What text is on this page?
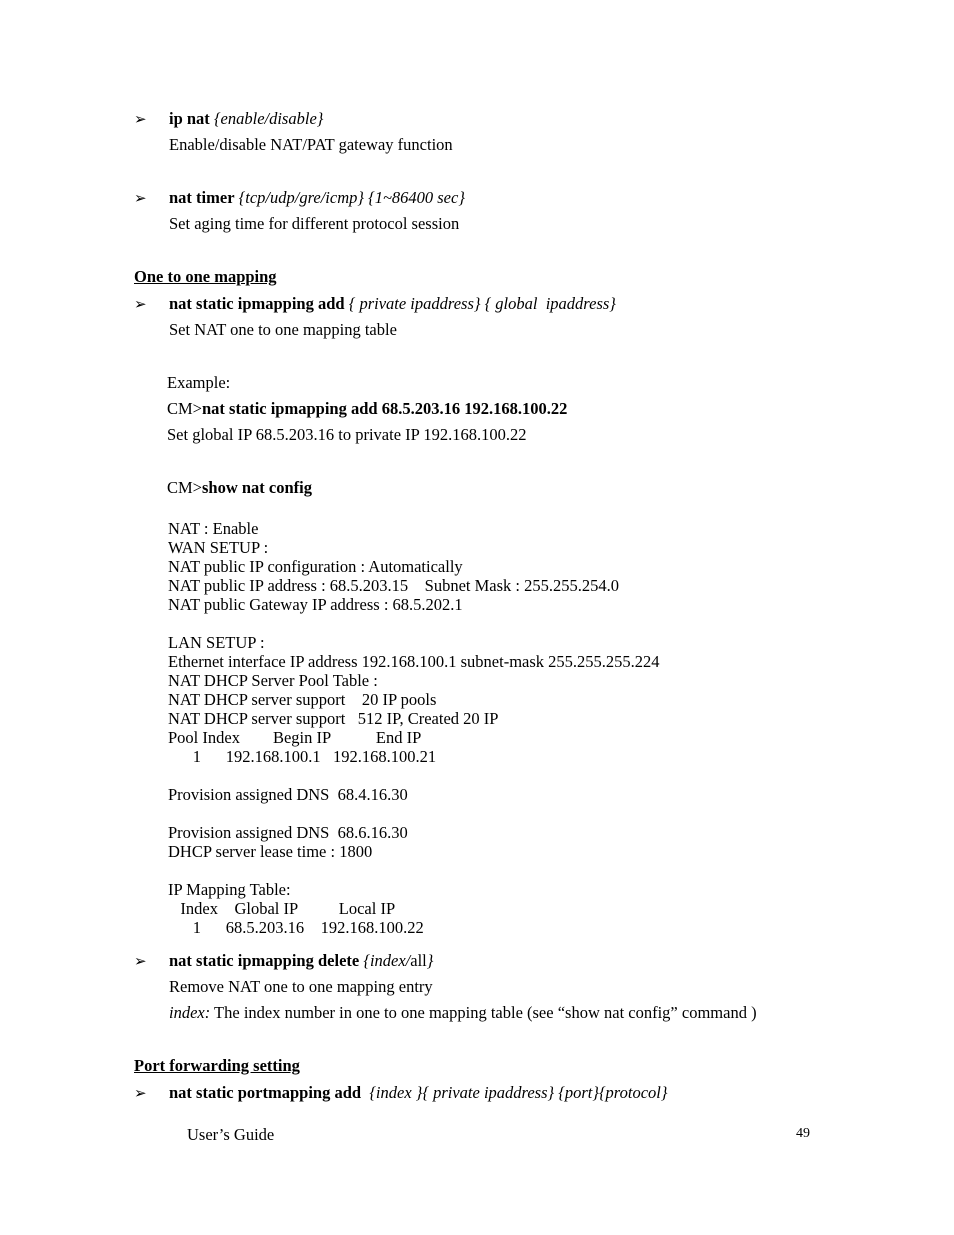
➢ ip nat {enable/disable}
Enable/disable NAT/PAT gateway function
➢ nat timer {tcp/udp/gre/icmp} {1~86400 sec}
Set aging time for different protocol session
One to one mapping
➢ nat static ipmapping add { private ipaddress} { global  ipaddress}
Set NAT one to one mapping table
Example:
CM>nat static ipmapping add 68.5.203.16 192.168.100.22
Set global IP 68.5.203.16 to private IP 192.168.100.22
CM>show nat config

NAT : Enable
WAN SETUP :
NAT public IP configuration : Automatically
NAT public IP address : 68.5.203.15    Subnet Mask : 255.255.254.0
NAT public Gateway IP address : 68.5.202.1
LAN SETUP :
Ethernet interface IP address 192.168.100.1 subnet-mask 255.255.255.224
NAT DHCP Server Pool Table :
NAT DHCP server support    20 IP pools
NAT DHCP server support   512 IP, Created 20 IP
Pool Index        Begin IP           End IP
1      192.168.100.1   192.168.100.21
Provision assigned DNS  68.4.16.30
Provision assigned DNS  68.6.16.30
DHCP server lease time : 1800
IP Mapping Table:
Index    Global IP          Local IP
1      68.5.203.16    192.168.100.22

➢ nat static ipmapping delete {index/all}
Remove NAT one to one mapping entry
index: The index number in one to one mapping table (see “show nat config” command )
Port forwarding setting
➢ nat static portmapping add {index }{ private ipaddress} {port}{protocol}
User’s Guide	49
